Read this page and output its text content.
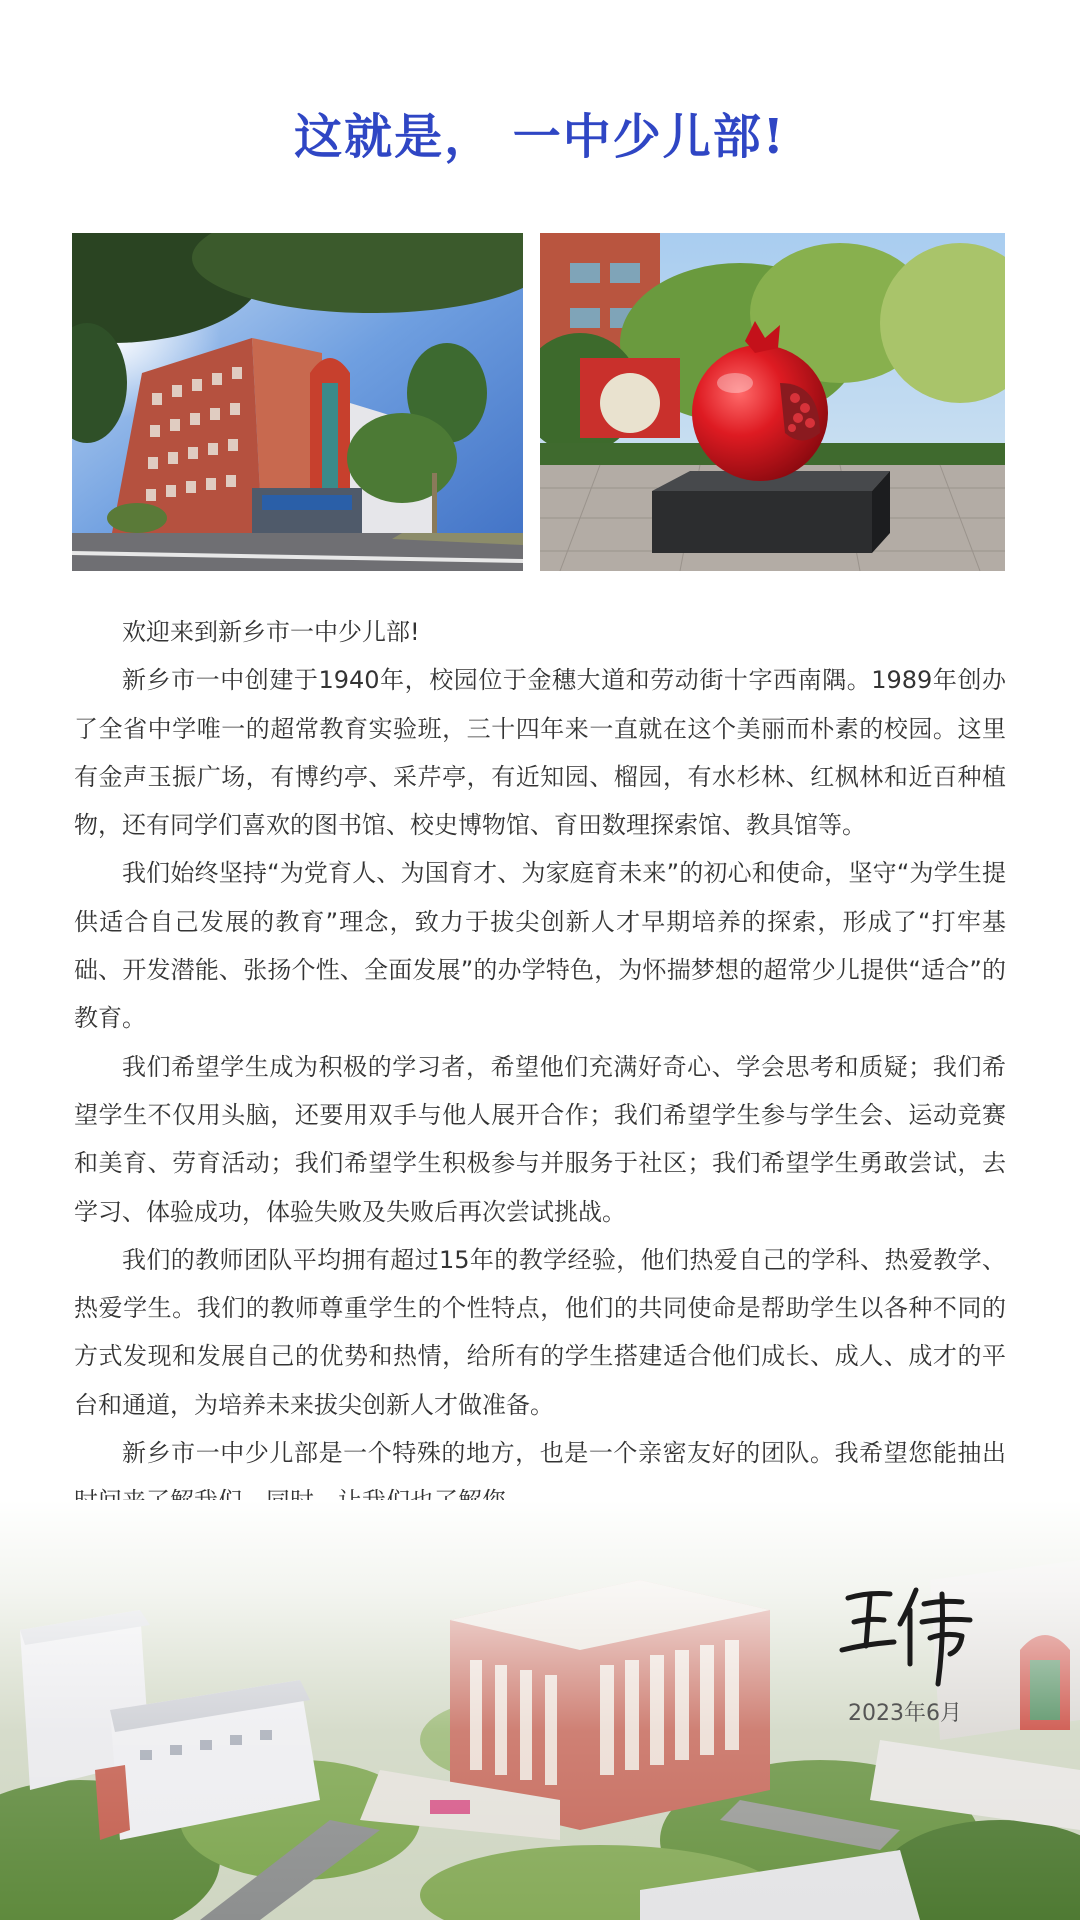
这就是， 一中少儿部!

欢迎来到新乡市一中少儿部!

新乡市一中创建于1940年，校园位于金穗大道和劳动街十字西南隅。1989年创办了全省中学唯一的超常教育实验班，三十四年来一直就在这个美丽而朴素的校园。这里有金声玉振广场，有博约亭、采芹亭，有近知园、榴园，有水杉林、红枫林和近百种植物，还有同学们喜欢的图书馆、校史博物馆、育田数理探索馆、教具馆等。

我们始终坚持“为党育人、为国育才、为家庭育未来”的初心和使命，坚守“为学生提供适合自己发展的教育”理念，致力于拔尖创新人才早期培养的探索，形成了“打牢基础、开发潜能、张扬个性、全面发展”的办学特色，为怀揣梦想的超常少儿提供“适合”的教育。

我们希望学生成为积极的学习者，希望他们充满好奇心、学会思考和质疑；我们希望学生不仅用头脑，还要用双手与他人展开合作；我们希望学生参与学生会、运动竞赛和美育、劳育活动；我们希望学生积极参与并服务于社区；我们希望学生勇敢尝试，去学习、体验成功，体验失败及失败后再次尝试挑战。

我们的教师团队平均拥有超过15年的教学经验，他们热爱自己的学科、热爱教学、热爱学生。我们的教师尊重学生的个性特点，他们的共同使命是帮助学生以各种不同的方式发现和发展自己的优势和热情，给所有的学生搭建适合他们成长、成人、成才的平台和通道，为培养未来拔尖创新人才做准备。

新乡市一中少儿部是一个特殊的地方，也是一个亲密友好的团队。我希望您能抽出

2023年6月
